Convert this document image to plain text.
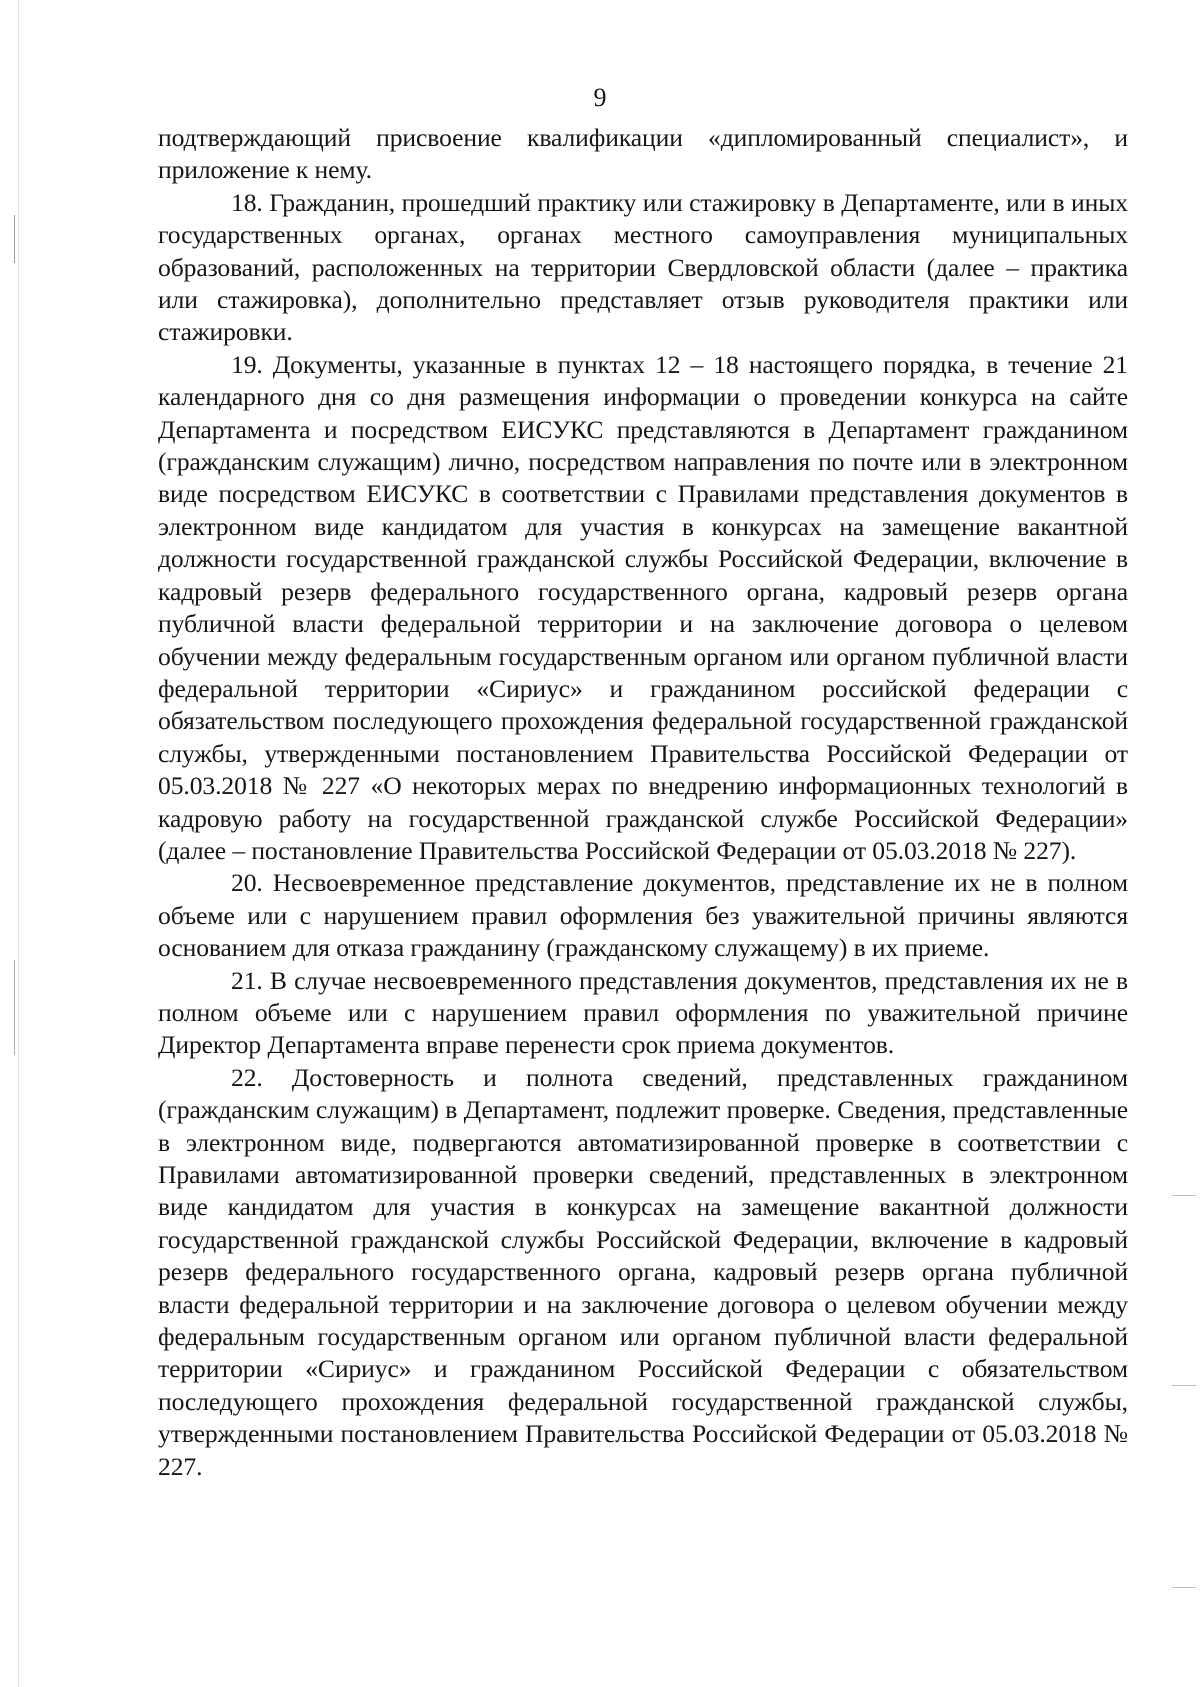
9

подтверждающий присвоение квалификации «дипломированный специалист», и приложение к нему.

18. Гражданин, прошедший практику или стажировку в Департаменте, или в иных государственных органах, органах местного самоуправления муниципальных образований, расположенных на территории Свердловской области (далее – практика или стажировка), дополнительно представляет отзыв руководителя практики или стажировки.

19. Документы, указанные в пунктах 12 – 18 настоящего порядка, в течение 21 календарного дня со дня размещения информации о проведении конкурса на сайте Департамента и посредством ЕИСУКС представляются в Департамент гражданином (гражданским служащим) лично, посредством направления по почте или в электронном виде посредством ЕИСУКС в соответствии с Правилами представления документов в электронном виде кандидатом для участия в конкурсах на замещение вакантной должности государственной гражданской службы Российской Федерации, включение в кадровый резерв федерального государственного органа, кадровый резерв органа публичной власти федеральной территории и на заключение договора о целевом обучении между федеральным государственным органом или органом публичной власти федеральной территории «Сириус» и гражданином российской федерации с обязательством последующего прохождения федеральной государственной гражданской службы, утвержденными постановлением Правительства Российской Федерации от 05.03.2018 № 227 «О некоторых мерах по внедрению информационных технологий в кадровую работу на государственной гражданской службе Российской Федерации» (далее – постановление Правительства Российской Федерации от 05.03.2018 № 227).

20. Несвоевременное представление документов, представление их не в полном объеме или с нарушением правил оформления без уважительной причины являются основанием для отказа гражданину (гражданскому служащему) в их приеме.

21. В случае несвоевременного представления документов, представления их не в полном объеме или с нарушением правил оформления по уважительной причине Директор Департамента вправе перенести срок приема документов.

22. Достоверность и полнота сведений, представленных гражданином (гражданским служащим) в Департамент, подлежит проверке. Сведения, представленные в электронном виде, подвергаются автоматизированной проверке в соответствии с Правилами автоматизированной проверки сведений, представленных в электронном виде кандидатом для участия в конкурсах на замещение вакантной должности государственной гражданской службы Российской Федерации, включение в кадровый резерв федерального государственного органа, кадровый резерв органа публичной власти федеральной территории и на заключение договора о целевом обучении между федеральным государственным органом или органом публичной власти федеральной территории «Сириус» и гражданином Российской Федерации с обязательством последующего прохождения федеральной государственной гражданской службы, утвержденными постановлением Правительства Российской Федерации от 05.03.2018 № 227.
